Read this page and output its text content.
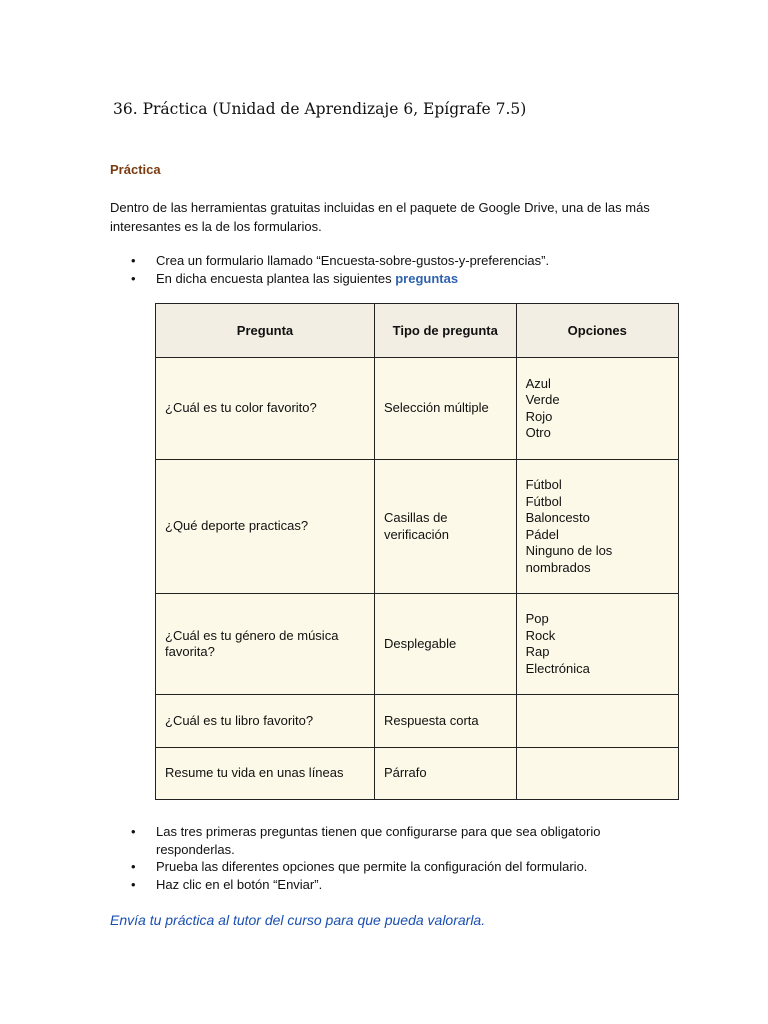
36. Práctica (Unidad de Aprendizaje 6, Epígrafe 7.5)
Práctica
Dentro de las herramientas gratuitas incluidas en el paquete de Google Drive, una de las más interesantes es la de los formularios.
• Crea un formulario llamado “Encuesta-sobre-gustos-y-preferencias”.
• En dicha encuesta plantea las siguientes preguntas
Pregunta	Tipo de pregunta	Opciones
¿Cuál es tu color favorito?	Selección múltiple	Azul
Verde
Rojo
Otro

¿Qué deporte practicas?	Casillas de verificación	Fútbol
Fútbol
Baloncesto
Pádel
Ninguno de los nombrados

¿Cuál es tu género de música favorita?	Desplegable	Pop
Rock
Rap
Electrónica

¿Cuál es tu libro favorito?	Respuesta corta	
Resume tu vida en unas líneas	Párrafo	
• Las tres primeras preguntas tienen que configurarse para que sea obligatorio responderlas.
• Prueba las diferentes opciones que permite la configuración del formulario.
• Haz clic en el botón “Enviar”.
Envía tu práctica al tutor del curso para que pueda valorarla.
